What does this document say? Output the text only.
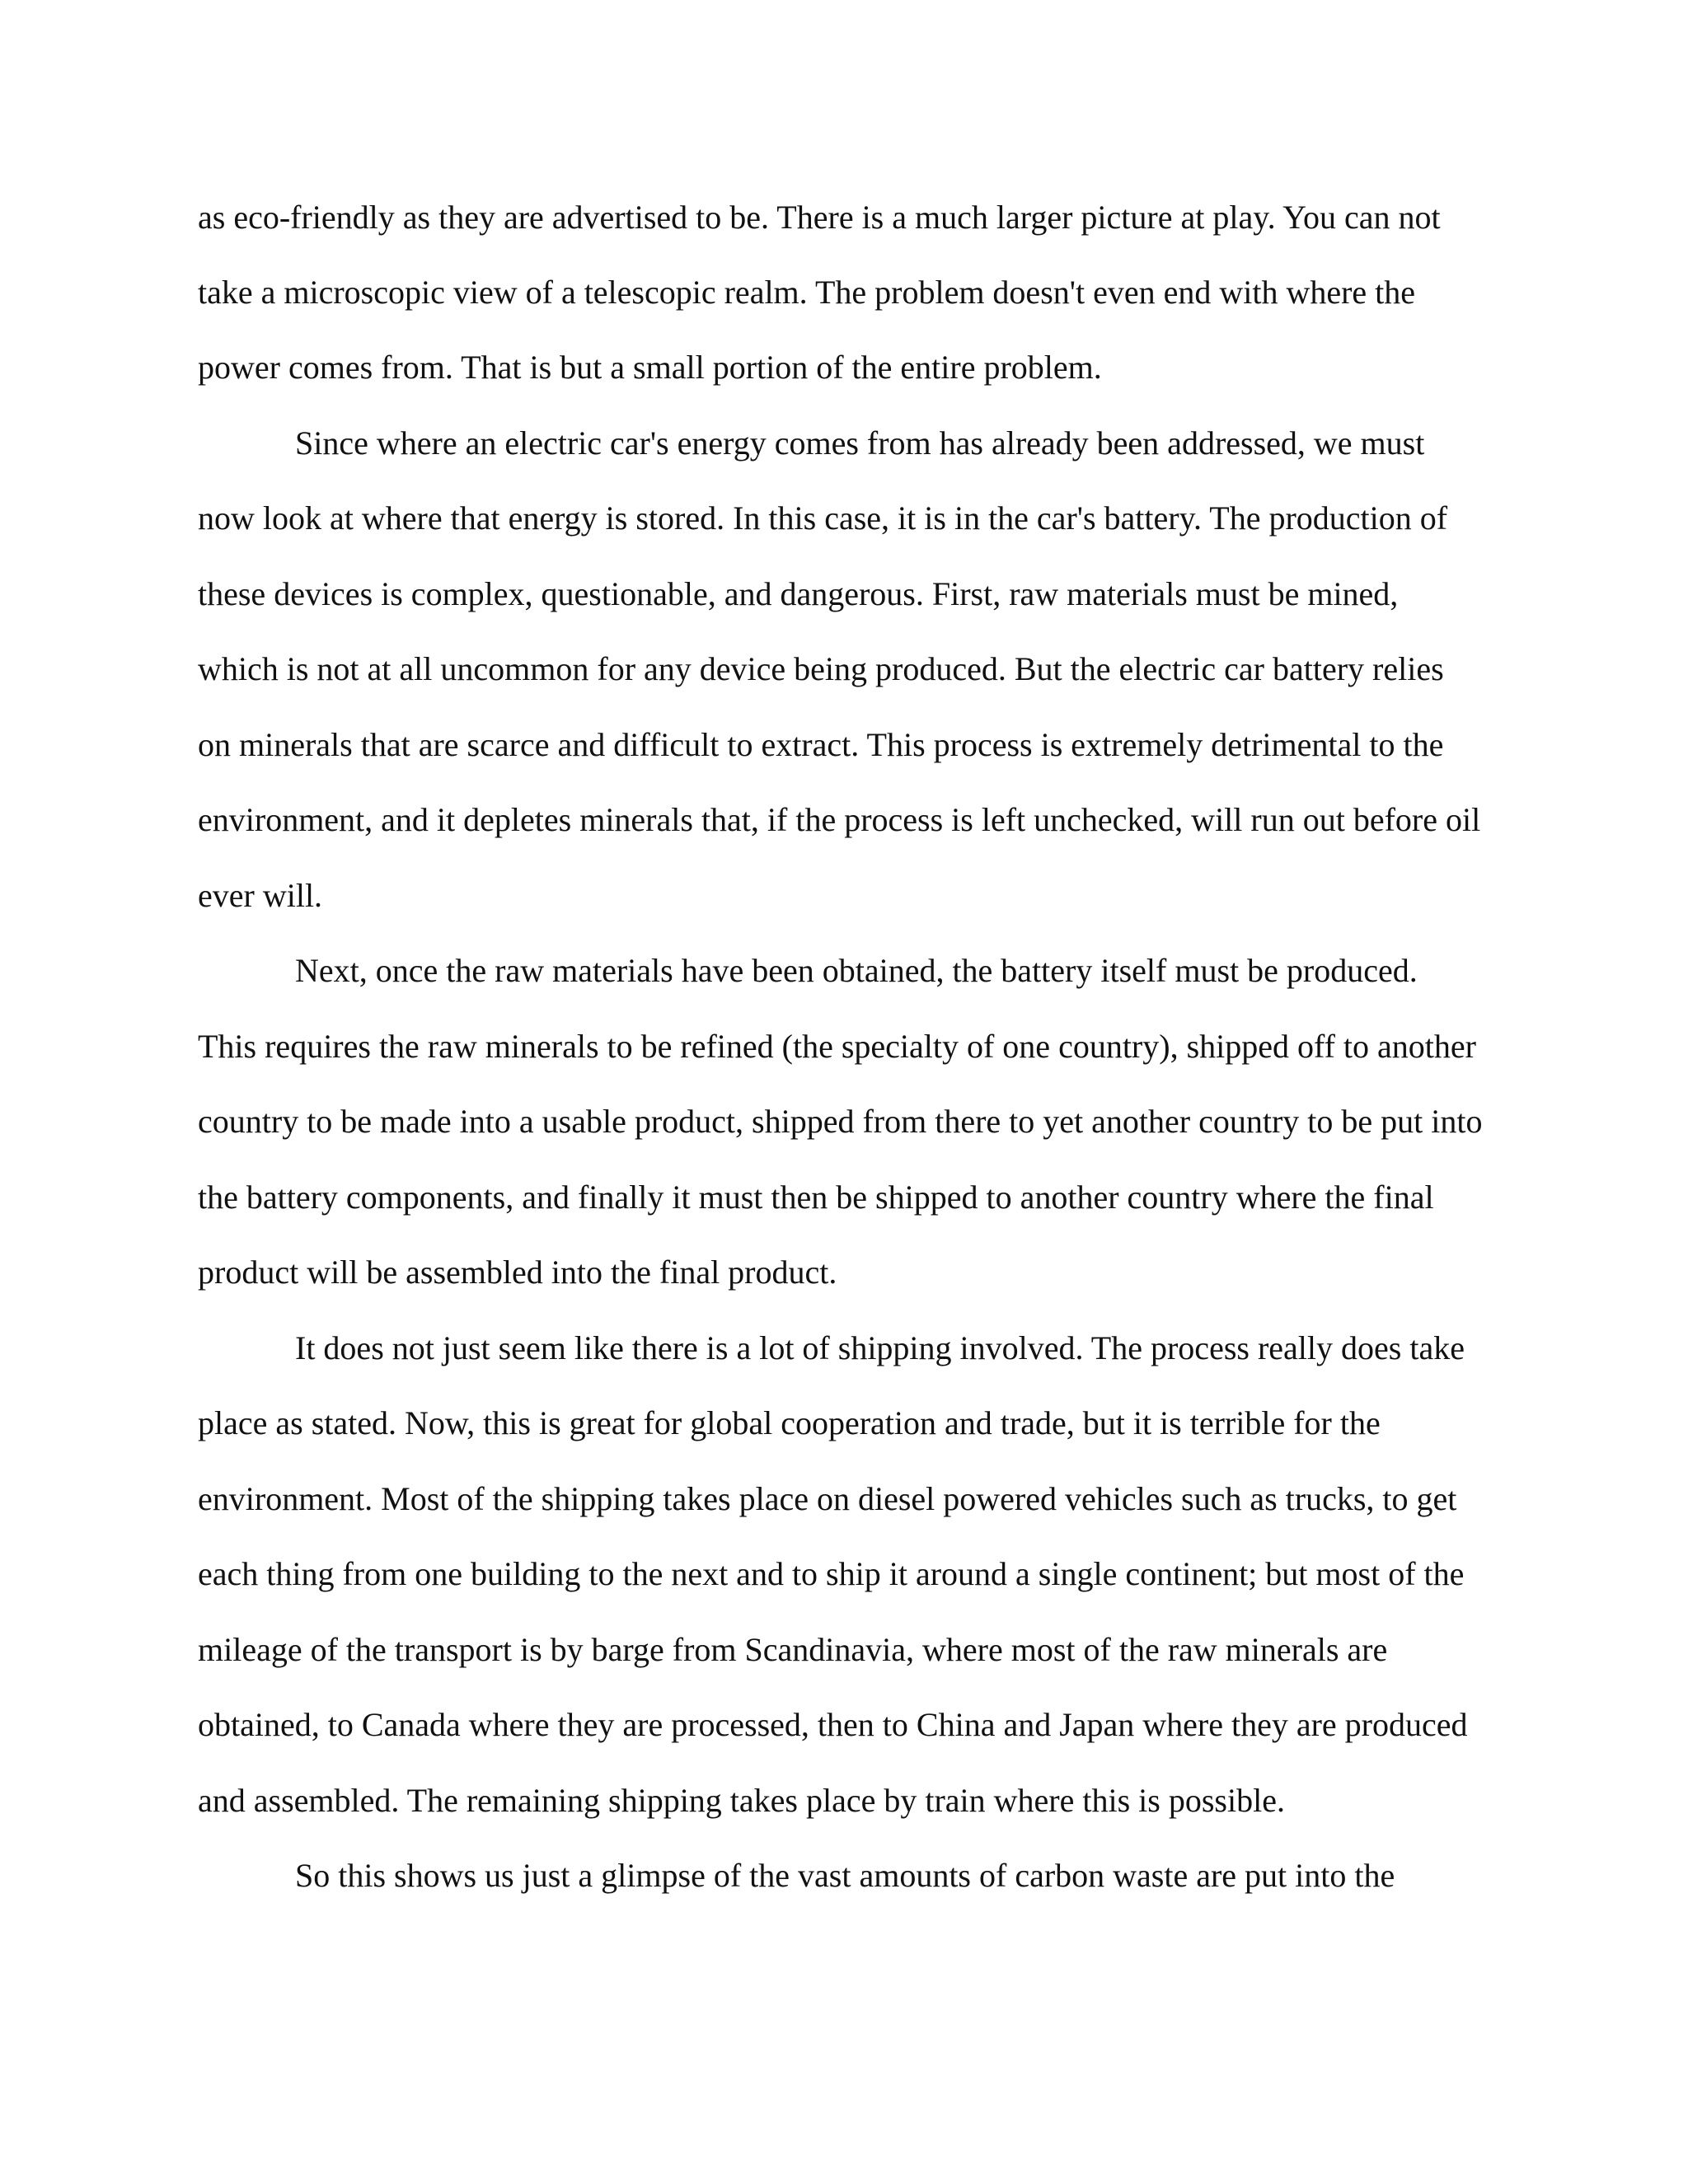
as eco-friendly as they are advertised to be. There is a much larger picture at play. You can not
take a microscopic view of a telescopic realm. The problem doesn't even end with where the
power comes from. That is but a small portion of the entire problem.
Since where an electric car's energy comes from has already been addressed, we must
now look at where that energy is stored. In this case, it is in the car's battery. The production of
these devices is complex, questionable, and dangerous. First, raw materials must be mined,
which is not at all uncommon for any device being produced. But the electric car battery relies
on minerals that are scarce and difficult to extract. This process is extremely detrimental to the
environment, and it depletes minerals that, if the process is left unchecked, will run out before oil
ever will.
Next, once the raw materials have been obtained, the battery itself must be produced.
This requires the raw minerals to be refined (the specialty of one country), shipped off to another
country to be made into a usable product, shipped from there to yet another country to be put into
the battery components, and finally it must then be shipped to another country where the final
product will be assembled into the final product.
It does not just seem like there is a lot of shipping involved. The process really does take
place as stated. Now, this is great for global cooperation and trade, but it is terrible for the
environment. Most of the shipping takes place on diesel powered vehicles such as trucks, to get
each thing from one building to the next and to ship it around a single continent; but most of the
mileage of the transport is by barge from Scandinavia, where most of the raw minerals are
obtained, to Canada where they are processed, then to China and Japan where they are produced
and assembled. The remaining shipping takes place by train where this is possible.
So this shows us just a glimpse of the vast amounts of carbon waste are put into the
